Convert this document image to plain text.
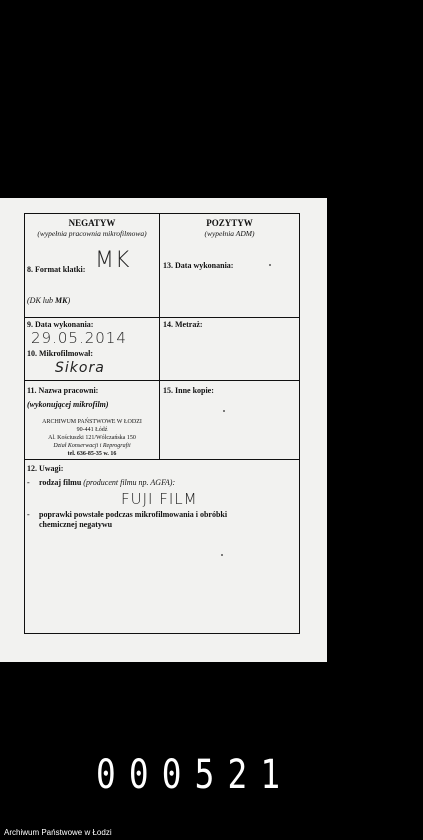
NEGATYW
(wypełnia pracownia mikrofilmowa)
POZYTYW
(wypełnia ADM)
8. Format klatki: MK
(DK lub MK)
13. Data wykonania:
9. Data wykonania:
29.05.2014
10. Mikrofilmował:
Sikora
14. Metraż:
11. Nazwa pracowni:
(wykonującej mikrofilm)
ARCHIWUM PAŃSTWOWE W ŁODZI
90-441 Łódź
Al. Kościuszki 121/Wólczańska 150
Dział Konserwacji i Reprografii
tel. 636-85-35 w. 16
15. Inne kopie:
12. Uwagi:
- rodzaj filmu (producent filmu np. AGFA):
FUJI FILM
- poprawki powstałe podczas mikrofilmowania i obróbki
chemicznej negatywu
000521
Archiwum Państwowe w Łodzi
